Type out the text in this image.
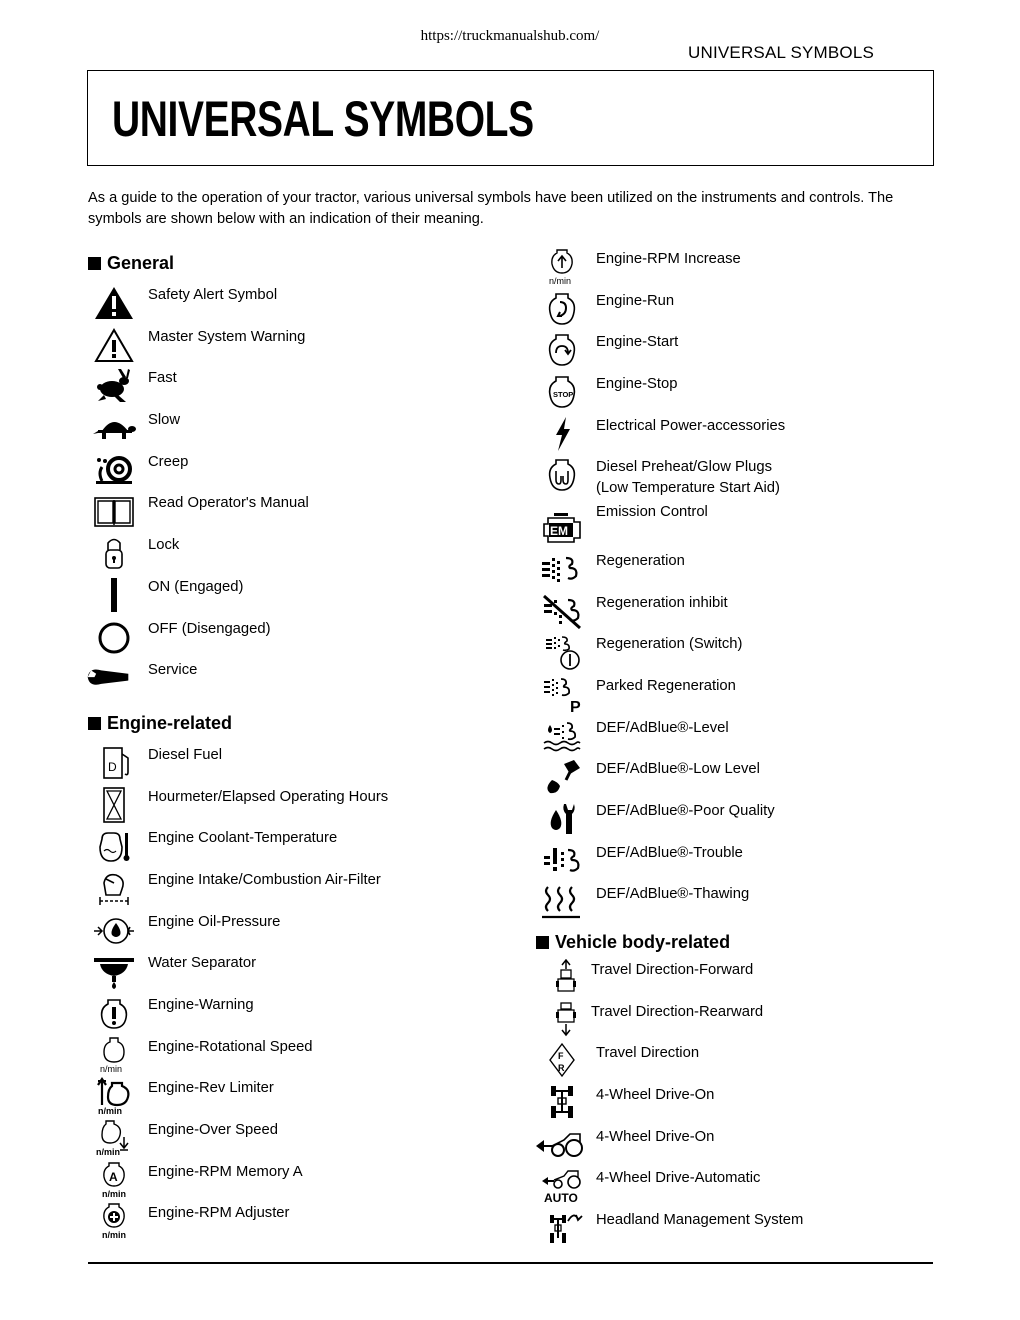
https://truckmanualshub.com/
UNIVERSAL SYMBOLS
UNIVERSAL SYMBOLS

As a guide to the operation of your tractor, various universal symbols have been utilized on the instruments and controls. The symbols are shown below with an indication of their meaning.

General
Safety Alert Symbol
Master System Warning
Fast
Slow
Creep
Read Operator's Manual
Lock
ON (Engaged)
OFF (Disengaged)
Service
Engine-related
D
Diesel Fuel
Hourmeter/Elapsed Operating Hours
Engine Coolant-Temperature
Engine Intake/Combustion Air-Filter
Engine Oil-Pressure
Water Separator
Engine-Warning
n/min
Engine-Rotational Speed
n/min
Engine-Rev Limiter
n/min
Engine-Over Speed
A
n/min
Engine-RPM Memory A
n/min
Engine-RPM Adjuster
n/min
Engine-RPM Increase
Engine-Run
Engine-Start
STOP
Engine-Stop
Electrical Power-accessories
Diesel Preheat/Glow Plugs
(Low Temperature Start Aid)
EM
Emission Control
Regeneration
Regeneration inhibit
Regeneration (Switch)
P
Parked Regeneration
DEF/AdBlue®-Level
DEF/AdBlue®-Low Level
DEF/AdBlue®-Poor Quality
DEF/AdBlue®-Trouble
DEF/AdBlue®-Thawing
Vehicle body-related
Travel Direction-Forward
Travel Direction-Rearward
F
R
Travel Direction
4-Wheel Drive-On
4-Wheel Drive-On
AUTO
4-Wheel Drive-Automatic
Headland Management System
